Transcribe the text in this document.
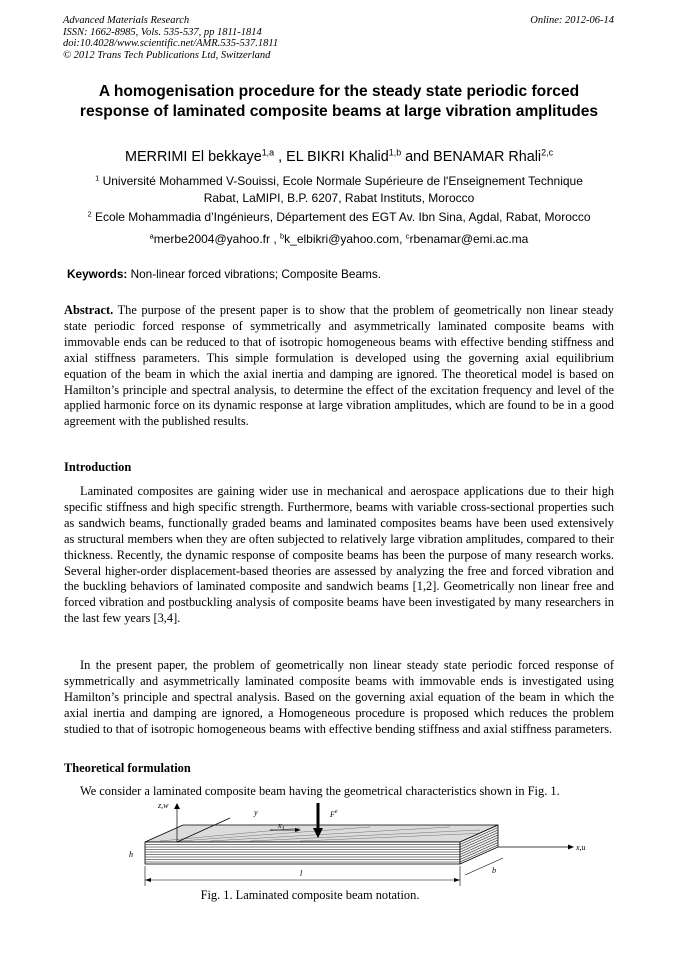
Advanced Materials Research
ISSN: 1662-8985, Vols. 535-537, pp 1811-1814
doi:10.4028/www.scientific.net/AMR.535-537.1811
© 2012 Trans Tech Publications Ltd, Switzerland
Online: 2012-06-14
A homogenisation procedure for the steady state periodic forced
response of laminated composite beams at large vibration amplitudes
MERRIMI El bekkaye$^{1,a}$ , EL BIKRI Khalid$^{1,b}$ and BENAMAR Rhali$^{2,c}$
$^1$ Université Mohammed V-Souissi, Ecole Normale Supérieure de l'Enseignement Technique
Rabat, LaMIPI, B.P. 6207, Rabat Instituts, Morocco
$^2$ Ecole Mohammadia d’Ingénieurs, Département des EGT Av. Ibn Sina, Agdal, Rabat, Morocco
$^a$merbe2004@yahoo.fr , $^b$k_elbikri@yahoo.com, $^c$rbenamar@emi.ac.ma
Keywords: Non-linear forced vibrations; Composite Beams.
Abstract. The purpose of the present paper is to show that the problem of geometrically non linear steady state periodic forced response of symmetrically and asymmetrically laminated composite beams with immovable ends can be reduced to that of isotropic homogeneous beams with effective bending stiffness and axial stiffness parameters. This simple formulation is developed using the governing axial equilibrium equation of the beam in which the axial inertia and damping are ignored. The theoretical model is based on Hamilton’s principle and spectral analysis, to determine the effect of the excitation frequency and level of the applied harmonic force on its dynamic response at large vibration amplitudes, which are found to be in a good agreement with the published results.
Introduction
Laminated composites are gaining wider use in mechanical and aerospace applications due to their high specific stiffness and high specific strength. Furthermore, beams with variable cross-sectional properties such as sandwich beams, functionally graded beams and laminated composites beams have been used extensively as structural members when they are often subjected to relatively large vibration amplitudes, compared to their thickness. Recently, the dynamic response of composite beams has been the purpose of many research works. Several higher-order displacement-based theories are assessed by analyzing the free and forced vibration and the buckling behaviors of laminated composite and sandwich beams [1,2]. Geometrically non linear free and forced vibration and postbuckling analysis of composite beams have been investigated by many researchers in the last few years [3,4].
In the present paper, the problem of geometrically non linear steady state periodic forced response of symmetrically and asymmetrically laminated composite beams with immovable ends is investigated using Hamilton’s principle and spectral analysis. Based on the governing axial equation of the beam in which the axial inertia and damping are ignored, a Homogeneous procedure is proposed which reduces the problem studied to that of isotropic homogeneous beams with effective bending stiffness and axial stiffness parameters.
Theoretical formulation
We consider a laminated composite beam having the geometrical characteristics shown in Fig. 1.
z,w
y
$x_1$
$F^e$
x,u
h
l	b
Fig. 1. Laminated composite beam notation.
